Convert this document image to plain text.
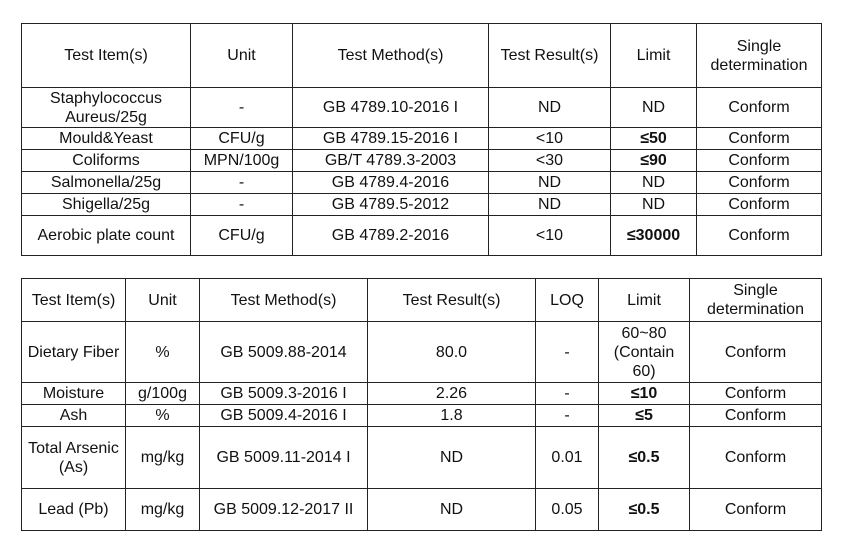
Test Item(s)	Unit	Test Method(s)	Test Result(s)	Limit	Single determination
Staphylococcus Aureus/25g	-	GB 4789.10-2016 I	ND	ND	Conform
Mould&Yeast	CFU/g	GB 4789.15-2016 I	<10	≤50	Conform
Coliforms	MPN/100g	GB/T 4789.3-2003	<30	≤90	Conform
Salmonella/25g	-	GB 4789.4-2016	ND	ND	Conform
Shigella/25g	-	GB 4789.5-2012	ND	ND	Conform
Aerobic plate count	CFU/g	GB 4789.2-2016	<10	≤30000	Conform
Test Item(s)	Unit	Test Method(s)	Test Result(s)	LOQ	Limit	Single determination
Dietary Fiber	%	GB 5009.88-2014	80.0	-	60~80 (Contain 60)	Conform
Moisture	g/100g	GB 5009.3-2016 I	2.26	-	≤10	Conform
Ash	%	GB 5009.4-2016 I	1.8	-	≤5	Conform
Total Arsenic (As)	mg/kg	GB 5009.11-2014 I	ND	0.01	≤0.5	Conform
Lead (Pb)	mg/kg	GB 5009.12-2017 II	ND	0.05	≤0.5	Conform
